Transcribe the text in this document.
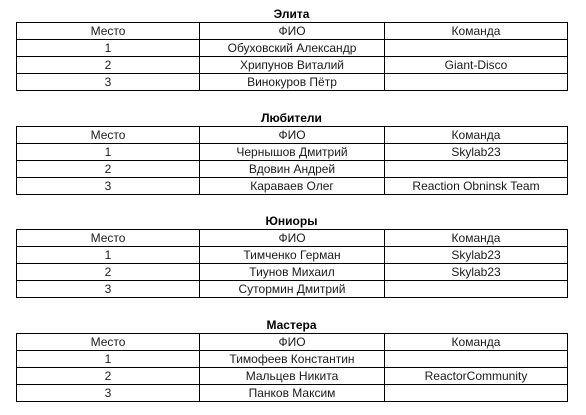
Элита
Место	ФИО	Команда
1	Обуховский Александр	
2	Хрипунов Виталий	Giant-Disco
3	Винокуров Пётр	
Любители
Место	ФИО	Команда
1	Чернышов Дмитрий	Skylab23
2	Вдовин Андрей	
3	Караваев Олег	Reaction Obninsk Team
Юниоры
Место	ФИО	Команда
1	Тимченко Герман	Skylab23
2	Тиунов Михаил	Skylab23
3	Сутормин Дмитрий	
Мастера
Место	ФИО	Команда
1	Тимофеев Константин	
2	Мальцев Никита	ReactorCommunity
3	Панков Максим	
